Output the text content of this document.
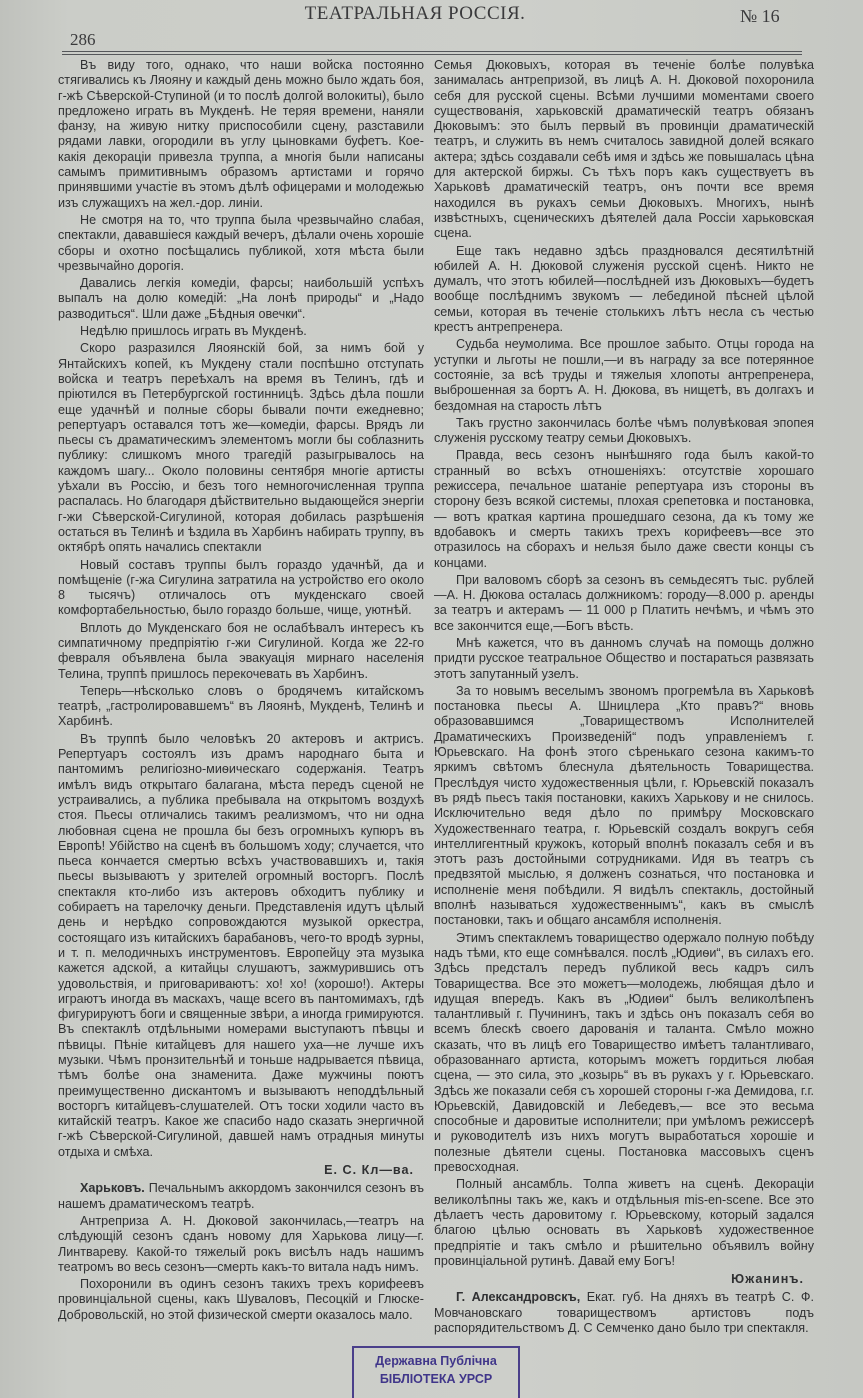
ТЕАТРАЛЬНАЯ РОССІЯ.	№ 16
286

Въ виду того, однако, что наши войска постоянно стягивались къ Ляояну и каждый день можно было ждать боя, г-жѣ Сѣверской-Ступиной (и то послѣ долгой волокиты), было предложено играть въ Мукденѣ. Не теряя времени, наняли фанзу, на живую нитку приспособили сцену, разставили рядами лавки, огородили въ углу цыновками буфетъ. Кое-какія декораціи привезла труппа, а многія были написаны самымъ примитивнымъ образомъ артистами и горячо принявшими участіе въ этомъ дѣлѣ офицерами и молодежью изъ служащихъ на жел.-дор. линіи.

Не смотря на то, что труппа была чрезвычайно слабая, спектакли, дававшіеся каждый вечеръ, дѣлали очень хорошіе сборы и охотно посѣщались публикой, хотя мѣста были чрезвычайно дорогія.

Давались легкія комедіи, фарсы; наибольшій успѣхъ выпалъ на долю комедій: „На лонѣ природы“ и „Надо разводиться“. Шли даже „Бѣдныя овечки“.

Недѣлю пришлось играть въ Мукденѣ.

Скоро разразился Ляоянскій бой, за нимъ бой у Янтайскихъ копей, къ Мукдену стали поспѣшно отступать войска и театръ переѣхалъ на время въ Телинъ, гдѣ и пріютился въ Петербургской гостинницѣ. Здѣсь дѣла пошли еще удачнѣй и полные сборы бывали почти ежедневно; репертуаръ оставался тотъ же—комедіи, фарсы. Врядъ ли пьесы съ драматическимъ элементомъ могли бы соблазнить публику: слишкомъ много трагедій разыгрывалось на каждомъ шагу... Около половины сентября многіе артисты уѣхали въ Россію, и безъ того немногочисленная труппа распалась. Но благодаря дѣйствительно выдающейся энергіи г-жи Сѣверской-Сигулиной, которая добилась разрѣшенія остаться въ Телинѣ и ѣздила въ Харбинъ набирать труппу, въ октябрѣ опять начались спектакли

Новый составъ труппы былъ гораздо удачнѣй, да и помѣщеніе (г-жа Сигулина затратила на устройство его около 8 тысячъ) отличалось отъ мукденскаго своей комфортабельностью, было гораздо больше, чище, уютнѣй.

Вплоть до Мукденскаго боя не ослабѣвалъ интересъ къ симпатичному предпріятію г-жи Сигулиной. Когда же 22-го февраля объявлена была эвакуація мирнаго населенія Телина, труппѣ пришлось перекочевать въ Харбинъ.

Теперь—нѣсколько словъ о бродячемъ китайскомъ театрѣ, „гастролировавшемъ“ въ Ляоянѣ, Мукденѣ, Телинѣ и Харбинѣ.

Въ труппѣ было человѣкъ 20 актеровъ и актрисъ. Репертуаръ состоялъ изъ драмъ народнаго быта и пантомимъ религіозно-миѳическаго содержанія. Театръ имѣлъ видъ открытаго балагана, мѣста передъ сценой не устраивались, а публика пребывала на открытомъ воздухѣ стоя. Пьесы отличались такимъ реализмомъ, что ни одна любовная сцена не прошла бы безъ огромныхъ купюръ въ Европѣ! Убійство на сценѣ въ большомъ ходу; случается, что пьеса кончается смертью всѣхъ участвовавшихъ и, такія пьесы вызываютъ у зрителей огромный восторгъ. Послѣ спектакля кто-либо изъ актеровъ обходитъ публику и собираетъ на тарелочку деньги. Представленія идутъ цѣлый день и нерѣдко сопровождаются музыкой оркестра, состоящаго изъ китайскихъ барабановъ, чего-то вродѣ зурны, и т. п. мелодичныхъ инструментовъ. Европейцу эта музыка кажется адской, а китайцы слушаютъ, зажмурившись отъ удовольствія, и приговариваютъ: хо! хо! (хорошо!). Актеры играютъ иногда въ маскахъ, чаще всего въ пантомимахъ, гдѣ фигурируютъ боги и священные звѣри, а иногда гримируются. Въ спектаклѣ отдѣльными номерами выступаютъ пѣвцы и пѣвицы. Пѣніе китайцевъ для нашего уха—не лучше ихъ музыки. Чѣмъ пронзительнѣй и тоньше надрывается пѣвица, тѣмъ болѣе она знаменита. Даже мужчины поютъ преимущественно дискантомъ и вызываютъ неподдѣльный восторгъ китайцевъ-слушателей. Отъ тоски ходили часто въ китайскій театръ. Какое же спасибо надо сказать энергичной г-жѣ Сѣверской-Сигулиной, давшей намъ отрадныя минуты отдыха и смѣха.

Е. С. Кл—ва.

Харьковъ. Печальнымъ аккордомъ закончился сезонъ въ нашемъ драматическомъ театрѣ.

Антреприза А. Н. Дюковой закончилась,—театръ на слѣдующій сезонъ сданъ новому для Харькова лицу—г. Линтвареву. Какой-то тяжелый рокъ висѣлъ надъ нашимъ театромъ во весь сезонъ—смерть какъ-то витала надъ нимъ.

Похоронили въ одинъ сезонъ такихъ трехъ корифеевъ провинціальной сцены, какъ Шуваловъ, Песоцкій и Глюске-Добровольскій, но этой физической смерти оказалось мало.

Семья Дюковыхъ, которая въ теченіе болѣе полувѣка занималась антрепризой, въ лицѣ А. Н. Дюковой похоронила себя для русской сцены. Всѣми лучшими моментами своего существованія, харьковскій драматическій театръ обязанъ Дюковымъ: это былъ первый въ провинціи драматическій театръ, и служить въ немъ считалось завидной долей всякаго актера; здѣсь создавали себѣ имя и здѣсь же повышалась цѣна для актерской биржы. Съ тѣхъ поръ какъ существуетъ въ Харьковѣ драматическій театръ, онъ почти все время находился въ рукахъ семьи Дюковыхъ. Многихъ, нынѣ извѣстныхъ, сценическихъ дѣятелей дала Россіи харьковская сцена.

Еще такъ недавно здѣсь праздновался десятилѣтній юбилей А. Н. Дюковой служенія русской сценѣ. Никто не думалъ, что этотъ юбилей—послѣдней изъ Дюковыхъ—будетъ вообще послѣднимъ звукомъ — лебединой пѣсней цѣлой семьи, которая въ теченіе столькихъ лѣтъ несла съ честью крестъ антрепренера.

Судьба неумолима. Все прошлое забыто. Отцы города на уступки и льготы не пошли,—и въ награду за все потерянное состояніе, за всѣ труды и тяжелыя хлопоты антрепренера, выброшенная за бортъ А. Н. Дюкова, въ нищетѣ, въ долгахъ и бездомная на старость лѣтъ

Такъ грустно закончилась болѣе чѣмъ полувѣковая эпопея служенія русскому театру семьи Дюковыхъ.

Правда, весь сезонъ нынѣшняго года былъ какой-то странный во всѣхъ отношеніяхъ: отсутствіе хорошаго режиссера, печальное шатаніе репертуара изъ стороны въ сторону безъ всякой системы, плохая срепетовка и постановка,— вотъ краткая картина прошедшаго сезона, да къ тому же вдобавокъ и смерть такихъ трехъ корифеевъ—все это отразилось на сборахъ и нельзя было даже свести концы съ концами.

При валовомъ сборѣ за сезонъ въ семьдесятъ тыс. рублей—А. Н. Дюкова осталась должникомъ: городу—8.000 р. аренды за театръ и актерамъ — 11 000 р Платить нечѣмъ, и чѣмъ это все закончится еще,—Богъ вѣсть.

Мнѣ кажется, что въ данномъ случаѣ на помощь должно придти русское театральное Общество и постараться развязать этотъ запутанный узелъ.

За то новымъ веселымъ звономъ прогремѣла въ Харьковѣ постановка пьесы А. Шницлера „Кто правъ?“ вновь образовавшимся „Товариществомъ Исполнителей Драматическихъ Произведеній“ подъ управленіемъ г. Юрьевскаго. На фонѣ этого сѣренькаго сезона какимъ-то яркимъ свѣтомъ блеснула дѣятельность Товарищества. Преслѣдуя чисто художественныя цѣли, г. Юрьевскій показалъ въ рядѣ пьесъ такія постановки, какихъ Харькову и не снилось. Исключительно ведя дѣло по примѣру Московскаго Художественнаго театра, г. Юрьевскій создалъ вокругъ себя интеллигентный кружокъ, который вполнѣ показалъ себя и въ этотъ разъ достойными сотрудниками. Идя въ театръ съ предвзятой мыслью, я долженъ сознаться, что постановка и исполненіе меня побѣдили. Я видѣлъ спектакль, достойный вполнѣ называться художественнымъ“, какъ въ смыслѣ постановки, такъ и общаго ансамбля исполненія.

Этимъ спектаклемъ товарищество одержало полную побѣду надъ тѣми, кто еще сомнѣвался. послѣ „Юдиѳи“, въ силахъ его. Здѣсь предсталъ передъ публикой весь кадръ силъ Товарищества. Все это можетъ—молодежь, любящая дѣло и идущая впередъ. Какъ въ „Юдиѳи“ былъ великолѣпенъ талантливый г. Пучининъ, такъ и здѣсь онъ показалъ себя во всемъ блескѣ своего дарованія и таланта. Смѣло можно сказать, что въ лицѣ его Товарищество имѣетъ талантливаго, образованнаго артиста, которымъ можетъ гордиться любая сцена, — это сила, это „козырь“ въ въ рукахъ у г. Юрьевскаго. Здѣсь же показали себя съ хорошей стороны г-жа Демидова, г.г. Юрьевскій, Давидовскій и Лебедевъ,— все это весьма способные и даровитые исполнители; при умѣломъ режиссерѣ и руководителѣ изъ нихъ могутъ выработаться хорошіе и полезные дѣятели сцены. Постановка массовыхъ сценъ превосходная.

Полный ансамбль. Толпа живетъ на сценѣ. Декораціи великолѣпны такъ же, какъ и отдѣльныя mis-en-scene. Все это дѣлаетъ честь даровитому г. Юрьевскому, который задался благою цѣлью основать въ Харьковѣ художественное предпріятіе и такъ смѣло и рѣшительно объявилъ войну провинціальной рутинѣ. Давай ему Богъ!

Южанинъ.

Г. Александровскъ, Екат. губ. На дняхъ въ театрѣ С. Ф. Мовчановскаго товариществомъ артистовъ подъ распорядительствомъ Д. С Семченко дано было три спектакля.

Державна Публічна
БІБЛІОТЕКА УРСР
